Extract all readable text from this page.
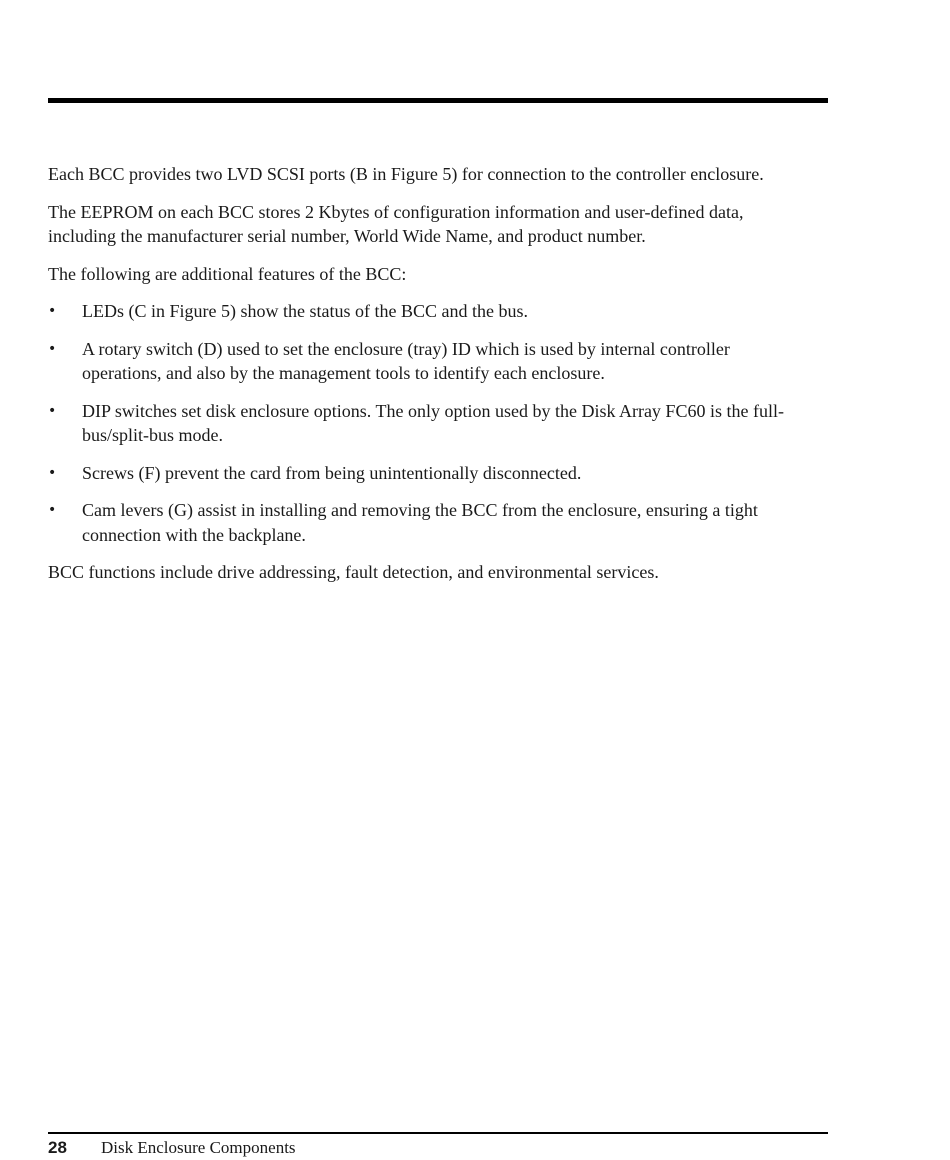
Each BCC provides two LVD SCSI ports (B in Figure 5) for connection to the controller enclosure.

The EEPROM on each BCC stores 2 Kbytes of configuration information and user-defined data, including the manufacturer serial number, World Wide Name, and product number.

The following are additional features of the BCC:

•	LEDs (C in Figure 5) show the status of the BCC and the bus.
•	A rotary switch (D) used to set the enclosure (tray) ID which is used by internal controller operations, and also by the management tools to identify each enclosure.
•	DIP switches set disk enclosure options. The only option used by the Disk Array FC60 is the full-bus/split-bus mode.
•	Screws (F) prevent the card from being unintentionally disconnected.
•	Cam levers (G) assist in installing and removing the BCC from the enclosure, ensuring a tight connection with the backplane.

BCC functions include drive addressing, fault detection, and environmental services.

28	Disk Enclosure Components
